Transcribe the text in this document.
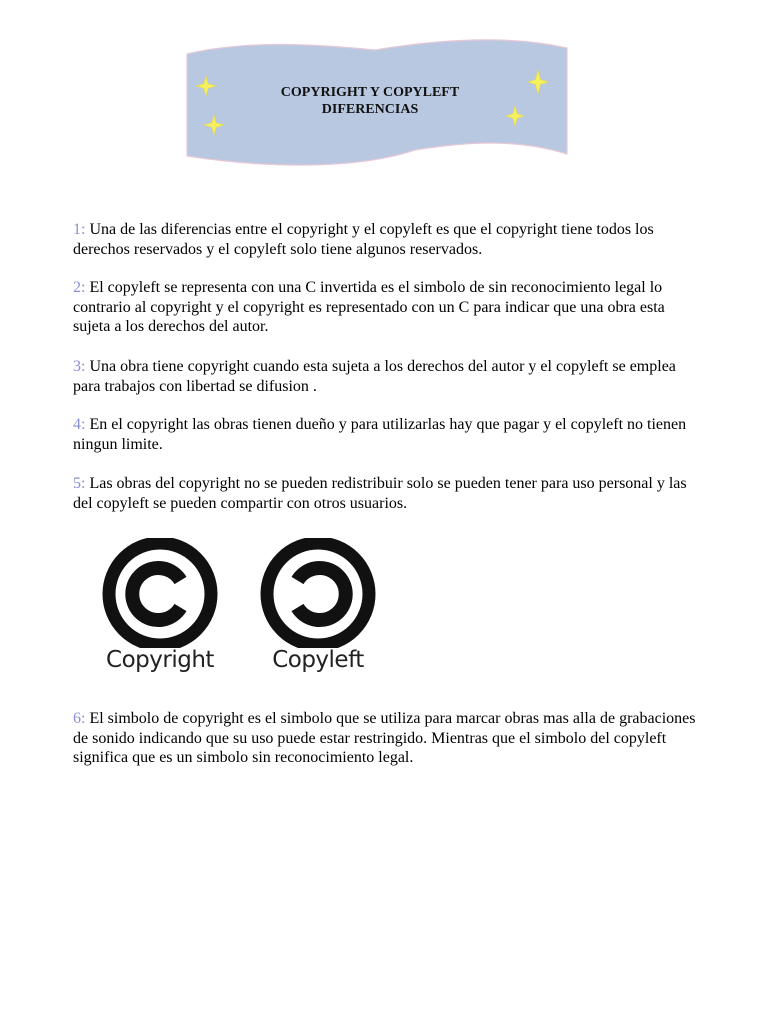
COPYRIGHT Y COPYLEFT
DIFERENCIAS

1: Una de las diferencias entre el copyright y el copyleft es que el copyright tiene todos los derechos reservados y el copyleft solo tiene algunos reservados.

2: El copyleft se representa con una C invertida es el simbolo de sin reconocimiento legal lo contrario al copyright y el copyright es representado con un C para indicar que una obra esta sujeta a los derechos del autor.

3: Una obra tiene copyright cuando esta sujeta a los derechos del autor y el copyleft se emplea para trabajos con libertad se difusion .

4: En el copyright las obras tienen dueño y para utilizarlas hay que pagar y el copyleft no tienen ningun limite.

5: Las obras del copyright no se pueden redistribuir solo se pueden tener para uso personal y las del copyleft se pueden compartir con otros usuarios.

Copyright	Copyleft

6: El simbolo de copyright es el simbolo que se utiliza para marcar obras mas alla de grabaciones de sonido indicando que su uso puede estar restringido. Mientras que el simbolo del copyleft significa que es un simbolo sin reconocimiento legal.
